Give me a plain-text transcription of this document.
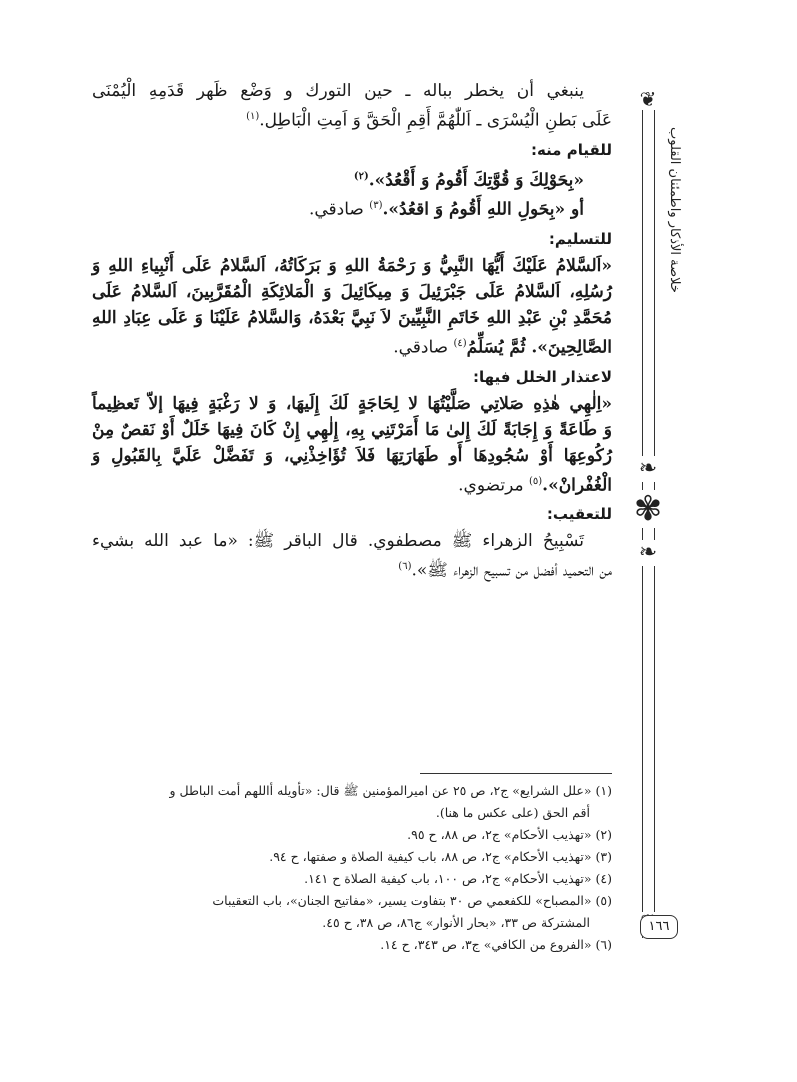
❦
❧
✾
❧
خلاصة الأذكار واطمئنان القلوب
١٦٦
ينبغي أن يخطر بباله ـ حين التورك و وَضْع ظَهر قَدَمِهِ الْيُمْنَى
عَلَى بَطنِ الْيُسْرَى ـ اَللّٰهُمَّ أَقِمِ الْحَقَّ وَ اَمِتِ الْبَاطِل.$^{(١)}$
للقيام منه:
«بِحَوْلِكَ وَ قُوَّتِكَ أَقُومُ وَ أَقْعُدُ».$^{(٢)}$
أو «بِحَولِ اللهِ أَقُومُ وَ اقعُدُ».$^{(٣)}$ صادقي.
للتسليم:
«اَلسَّلامُ عَلَيْكَ أَيُّهَا النَّبِيُّ وَ رَحْمَةُ اللهِ وَ بَرَكَاتُهُ، اَلسَّلامُ عَلَى أَنْبِياءِ اللهِ وَ
رُسُلِهِ، اَلسَّلامُ عَلَى جَبْرَئِيلَ وَ مِيكَائِيلَ وَ الْمَلائِكَةِ الْمُقَرَّبِينَ، اَلسَّلامُ عَلَى
مُحَمَّدِ بْنِ عَبْدِ اللهِ خَاتَمِ النَّبِيِّينَ لاَ نَبِيَّ بَعْدَهُ، وَالسَّلامُ عَلَيْنَا وَ عَلَى عِبَادِ اللهِ
الصَّالِحِينَ». ثُمَّ يُسَلِّمُ$^{(٤)}$ صادقي.
لاعتذار الخلل فيها:
«اِلٰهِي هٰذِهِ صَلاتِي صَلَّيْتُهَا لا لِحَاجَةٍ لَكَ إِلَيهَا، وَ لا رَغْبَةٍ فِيهَا إلاّ تَعظِيماً
وَ طَاعَةً وَ إِجَابَةً لَكَ إِلىٰ مَا أَمَرْتَنِي بِهِ، إِلٰهِي إِنْ كَانَ فِيهَا خَلَلٌ أَوْ نَقصٌ مِنْ
رُكُوعِهَا أَوْ سُجُودِهَا أَو طَهَارَتِهَا فَلاَ تُؤَاخِذْنِي، وَ تَفَضَّلْ عَلَيَّ بِالقَبُولِ وَ
الْغُفْرانْ».$^{(٥)}$ مرتضوي.
للتعقيب:
تَسْبِيحُ الزهراء ﷺ مصطفوي. قال الباقر ﷺ: «ما عبد الله بشيء
من التحميد أفضل من تسبيح الزهراء ﷺ».$^{(٦)}$
(١) «علل الشرايع» ج٢، ص ٢٥ عن اميرالمؤمنين ﷺ قال: «تأويله أاللهم أمت الباطل و
أقم الحق (على عكس ما هنا).
(٢) «تهذيب الأحكام» ج٢، ص ٨٨، ح ٩٥.
(٣) «تهذيب الأحكام» ج٢، ص ٨٨، باب كيفية الصلاة و صفتها، ح ٩٤.
(٤) «تهذيب الأحكام» ج٢، ص ١٠٠، باب كيفية الصلاة ح ١٤١.
(٥) «المصباح» للكفعمي ص ٣٠ بتفاوت يسير، «مفاتيح الجنان»، باب التعقيبات
المشتركة ص ٣٣، «بحار الأنوار» ج٨٦، ص ٣٨، ح ٤٥.
(٦) «الفروع من الكافي» ج٣، ص ٣٤٣، ح ١٤.
